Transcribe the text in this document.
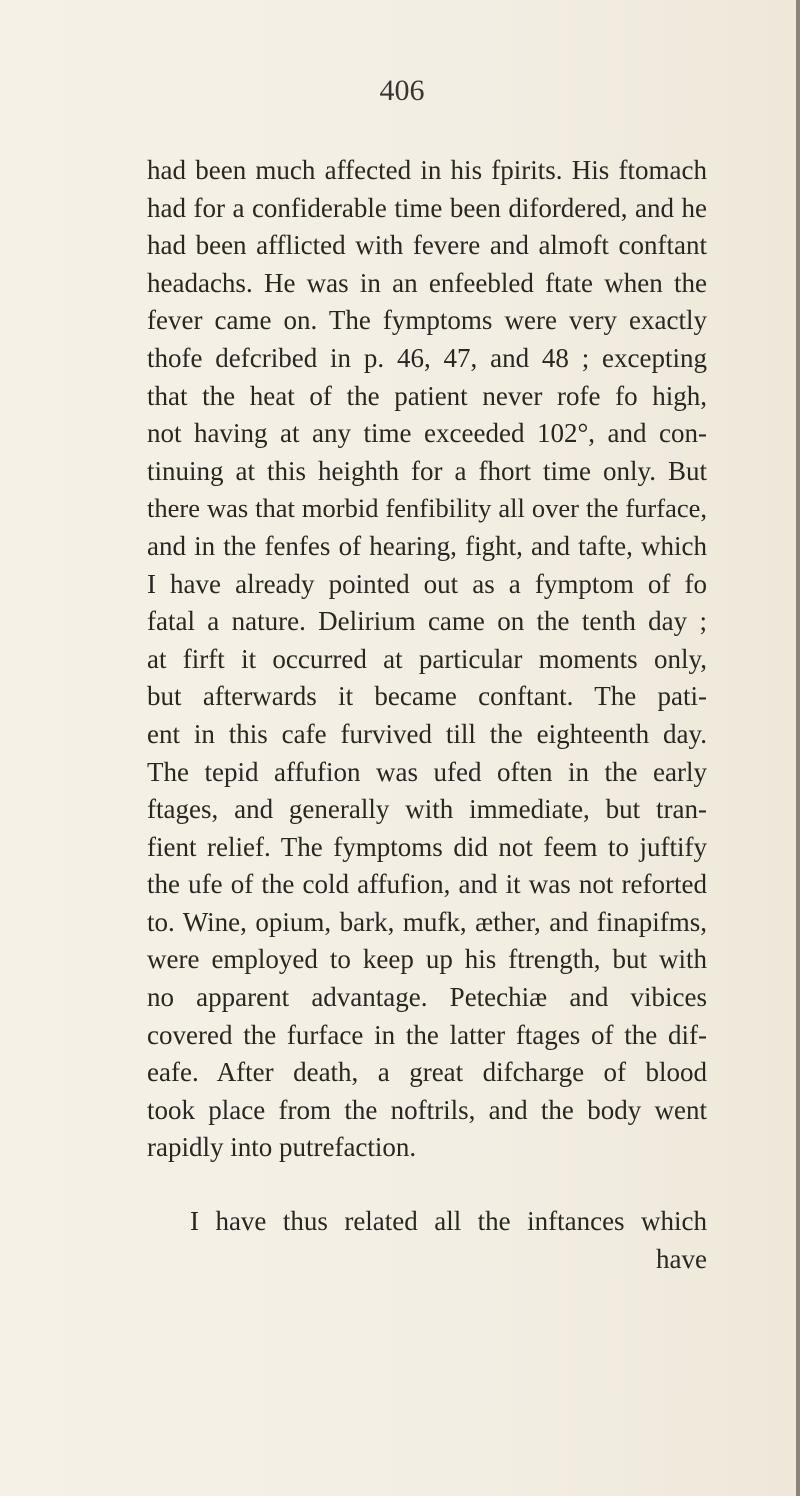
406
had been much affected in his fpirits. His ftomach
had for a confiderable time been difordered, and he
had been afflicted with fevere and almoft conftant
headachs. He was in an enfeebled ftate when the
fever came on. The fymptoms were very exactly
thofe defcribed in p. 46, 47, and 48 ; excepting
that the heat of the patient never rofe fo high,
not having at any time exceeded 102°, and con-
tinuing at this heighth for a fhort time only. But
there was that morbid fenfibility all over the furface,
and in the fenfes of hearing, fight, and tafte, which
I have already pointed out as a fymptom of fo
fatal a nature. Delirium came on the tenth day ;
at firft it occurred at particular moments only,
but afterwards it became conftant. The pati-
ent in this cafe furvived till the eighteenth day.
The tepid affufion was ufed often in the early
ftages, and generally with immediate, but tran-
fient relief. The fymptoms did not feem to juftify
the ufe of the cold affufion, and it was not reforted
to. Wine, opium, bark, mufk, æther, and finapifms,
were employed to keep up his ftrength, but with
no apparent advantage. Petechiæ and vibices
covered the furface in the latter ftages of the dif-
eafe. After death, a great difcharge of blood
took place from the noftrils, and the body went
rapidly into putrefaction.
I have thus related all the inftances which
have
